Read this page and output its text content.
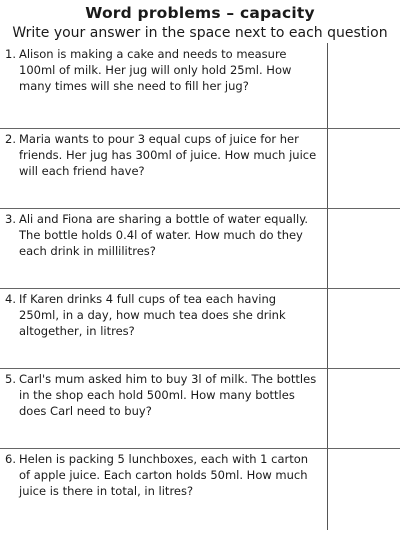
Word problems – capacity
Write your answer in the space next to each question
1. Alison is making a cake and needs to measure 100ml of milk. Her jug will only hold 25ml. How many times will she need to fill her jug?
2. Maria wants to pour 3 equal cups of juice for her friends. Her jug has 300ml of juice. How much juice will each friend have?
3. Ali and Fiona are sharing a bottle of water equally. The bottle holds 0.4l of water. How much do they each drink in millilitres?
4. If Karen drinks 4 full cups of tea each having 250ml, in a day, how much tea does she drink altogether, in litres?
5. Carl's mum asked him to buy 3l of milk. The bottles in the shop each hold 500ml. How many bottles does Carl need to buy?
6. Helen is packing 5 lunchboxes, each with 1 carton of apple juice. Each carton holds 50ml. How much juice is there in total, in litres?
